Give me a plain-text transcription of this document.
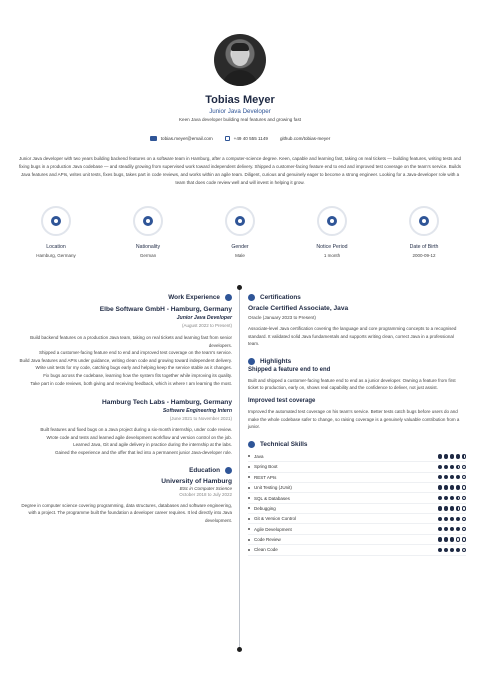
Tobias Meyer
Junior Java Developer
Keen Java developer building real features and growing fast
tobias.meyer@email.com	+49 40 555 1149	github.com/tobias-meyer
Junior Java developer with two years building backend features on a software team in Hamburg, after a computer-science degree. Keen, capable and learning fast, taking on real tickets — building features, writing tests and fixing bugs in a production Java codebase — and steadily growing from supervised work toward independent delivery. Shipped a customer-facing feature end to end and improved test coverage on the team's service. Builds Java features and APIs, writes unit tests, fixes bugs, takes part in code reviews, and works within an agile team. Diligent, curious and genuinely eager to become a strong engineer. Looking for a Java-developer role with a team that does code review well and will invest in helping it grow.
Location
Hamburg, Germany
Nationality
German
Gender
Male
Notice Period
1 month
Date of Birth
2000-09-12
Work Experience
Elbe Software GmbH - Hamburg, Germany
Junior Java Developer
(August 2022 to Present)
Build backend features on a production Java team, taking on real tickets and learning fast from senior developers.
Shipped a customer-facing feature end to end and improved test coverage on the team's service.
Build Java features and APIs under guidance, writing clean code and growing toward independent delivery.
Write unit tests for my code, catching bugs early and helping keep the service stable as it changes.
Fix bugs across the codebase, learning how the system fits together while improving its quality.
Take part in code reviews, both giving and receiving feedback, which is where I am learning the most.
Hamburg Tech Labs - Hamburg, Germany
Software Engineering Intern
(June 2021 to November 2021)
Built features and fixed bugs on a Java project during a six-month internship, under code review.
Wrote code and tests and learned agile development workflow and version control on the job.
Learned Java, Git and agile delivery in practice during the internship at the labs.
Gained the experience and the offer that led into a permanent junior Java-developer role.
Education
University of Hamburg
BSc in Computer Science
October 2018 to July 2022
Degree in computer science covering programming, data structures, databases and software engineering, with a project. The programme built the foundation a developer career requires. It led directly into Java development.
Certifications
Oracle Certified Associate, Java
Oracle (January 2023 to Present)
Associate-level Java certification covering the language and core programming concepts to a recognised standard. It validated solid Java fundamentals and supports writing clean, correct Java in a professional team.
Highlights
Shipped a feature end to end
Built and shipped a customer-facing feature end to end as a junior developer. Owning a feature from first ticket to production, early on, shows real capability and the confidence to deliver, not just assist.
Improved test coverage
Improved the automated test coverage on his team's service. Better tests catch bugs before users do and make the whole codebase safer to change, so raising coverage is a genuinely valuable contribution from a junior.
Technical Skills
Java
Spring Boot
REST APIs
Unit Testing (JUnit)
SQL & Databases
Debugging
Git & Version Control
Agile Development
Code Review
Clean Code
